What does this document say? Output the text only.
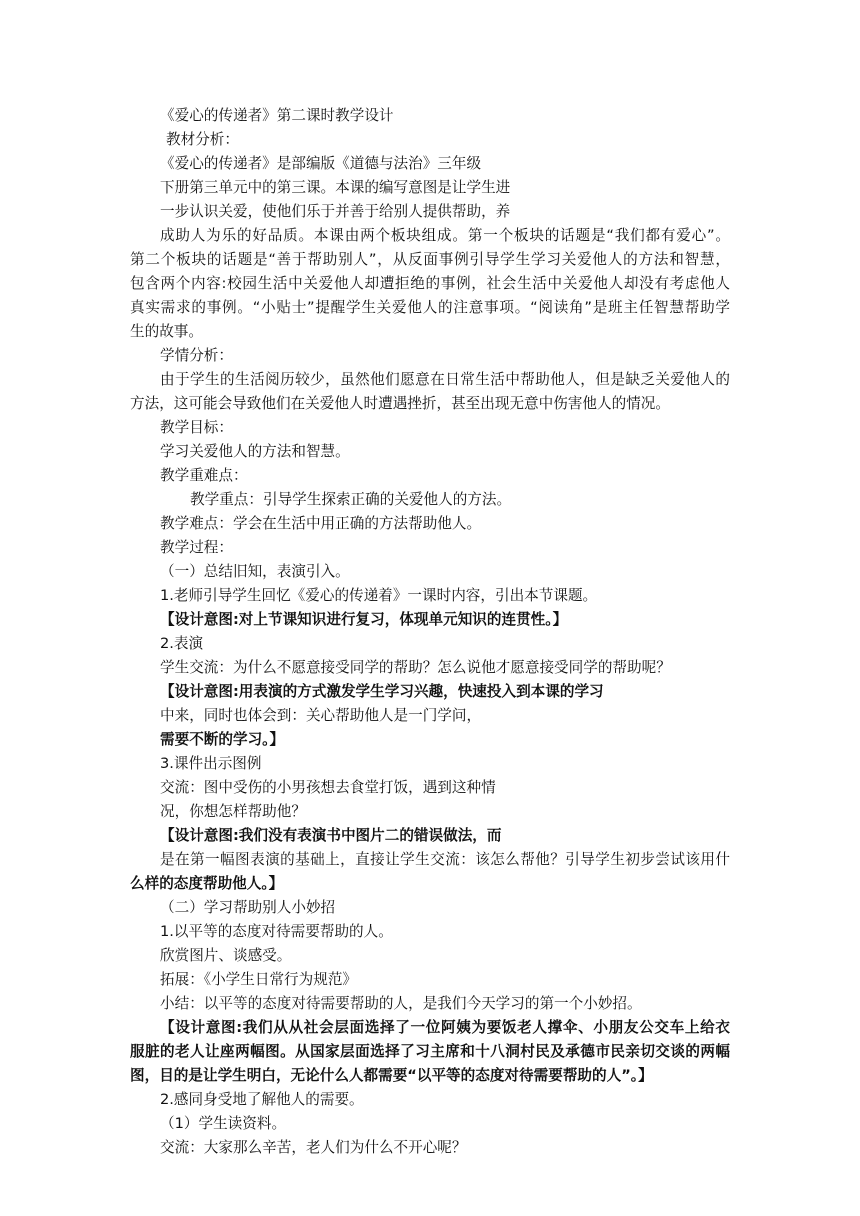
《爱心的传递者》第二课时教学设计
教材分析：
《爱心的传递者》是部编版《道德与法治》三年级
下册第三单元中的第三课。本课的编写意图是让学生进
一步认识关爱，使他们乐于并善于给别人提供帮助，养
成助人为乐的好品质。本课由两个板块组成。第一个板块的话题是“我们都有爱心”。
第二个板块的话题是“善于帮助别人”，从反面事例引导学生学习关爱他人的方法和智慧，
包含两个内容:校园生活中关爱他人却遭拒绝的事例，社会生活中关爱他人却没有考虑他人
真实需求的事例。“小贴士”提醒学生关爱他人的注意事项。“阅读角”是班主任智慧帮助学
生的故事。
学情分析：
由于学生的生活阅历较少，虽然他们愿意在日常生活中帮助他人，但是缺乏关爱他人的
方法，这可能会导致他们在关爱他人时遭遇挫折，甚至出现无意中伤害他人的情况。
教学目标：
学习关爱他人的方法和智慧。
教学重难点：
教学重点：引导学生探索正确的关爱他人的方法。
教学难点：学会在生活中用正确的方法帮助他人。
教学过程：
（一）总结旧知，表演引入。
1.老师引导学生回忆《爱心的传递着》一课时内容，引出本节课题。
【设计意图:对上节课知识进行复习，体现单元知识的连贯性。】
2.表演
学生交流：为什么不愿意接受同学的帮助？怎么说他才愿意接受同学的帮助呢？
【设计意图:用表演的方式激发学生学习兴趣，快速投入到本课的学习
中来，同时也体会到：关心帮助他人是一门学问，
需要不断的学习。】
3.课件出示图例
交流：图中受伤的小男孩想去食堂打饭，遇到这种情
况，你想怎样帮助他？
【设计意图:我们没有表演书中图片二的错误做法，而
是在第一幅图表演的基础上，直接让学生交流：该怎么帮他？引导学生初步尝试该用什
么样的态度帮助他人。】
（二）学习帮助别人小妙招
1.以平等的态度对待需要帮助的人。
欣赏图片、谈感受。
拓展：《小学生日常行为规范》
小结：以平等的态度对待需要帮助的人，是我们今天学习的第一个小妙招。
【设计意图:我们从从社会层面选择了一位阿姨为要饭老人撑伞、小朋友公交车上给衣
服脏的老人让座两幅图。从国家层面选择了习主席和十八洞村民及承德市民亲切交谈的两幅
图，目的是让学生明白，无论什么人都需要“以平等的态度对待需要帮助的人”。】
2.感同身受地了解他人的需要。
（1）学生读资料。
交流：大家那么辛苦，老人们为什么不开心呢？
